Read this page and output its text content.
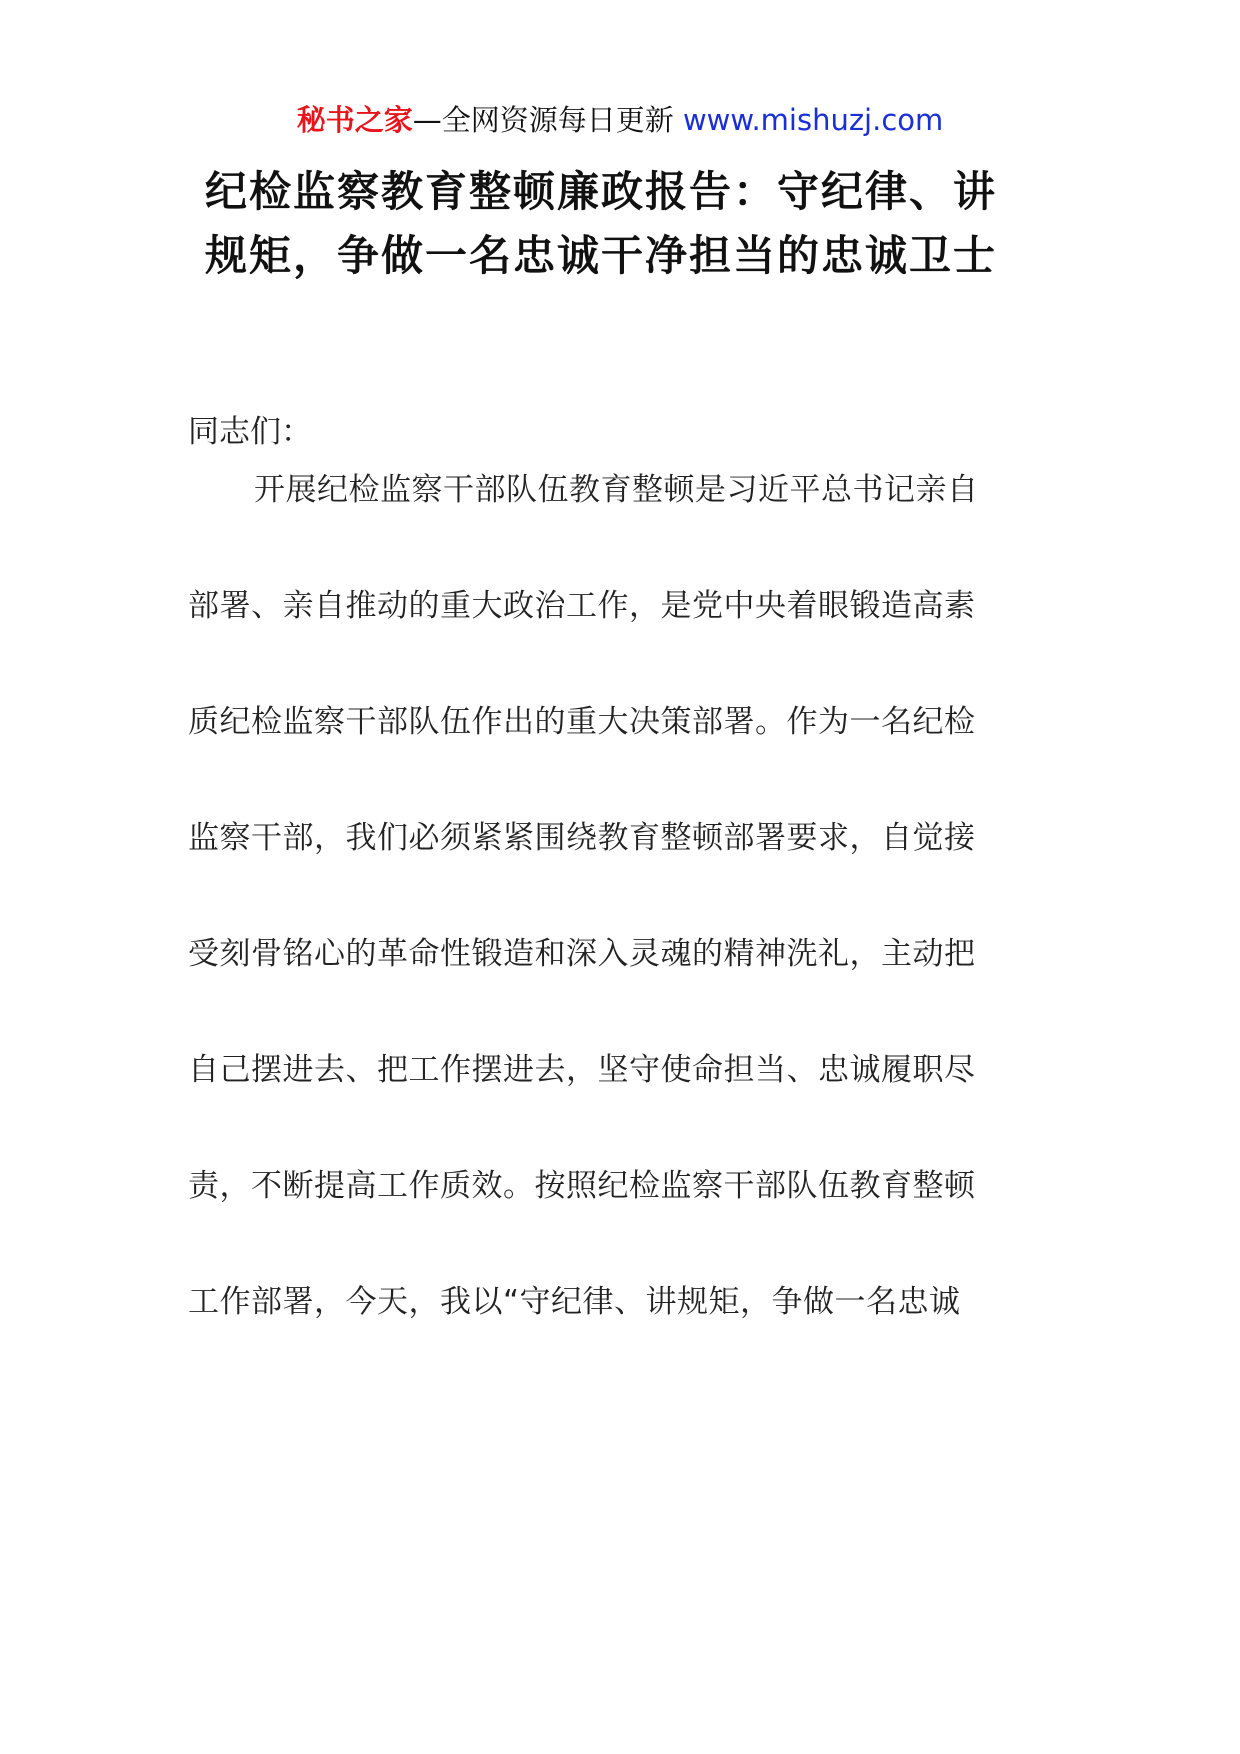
秘书之家—全网资源每日更新 www.mishuzj.com
纪检监察教育整顿廉政报告：守纪律、讲
规矩，争做一名忠诚干净担当的忠诚卫士

同志们：

开展纪检监察干部队伍教育整顿是习近平总书记亲自
部署、亲自推动的重大政治工作，是党中央着眼锻造高素
质纪检监察干部队伍作出的重大决策部署。作为一名纪检
监察干部，我们必须紧紧围绕教育整顿部署要求，自觉接
受刻骨铭心的革命性锻造和深入灵魂的精神洗礼，主动把
自己摆进去、把工作摆进去，坚守使命担当、忠诚履职尽
责，不断提高工作质效。按照纪检监察干部队伍教育整顿
工作部署，今天，我以“守纪律、讲规矩，争做一名忠诚
